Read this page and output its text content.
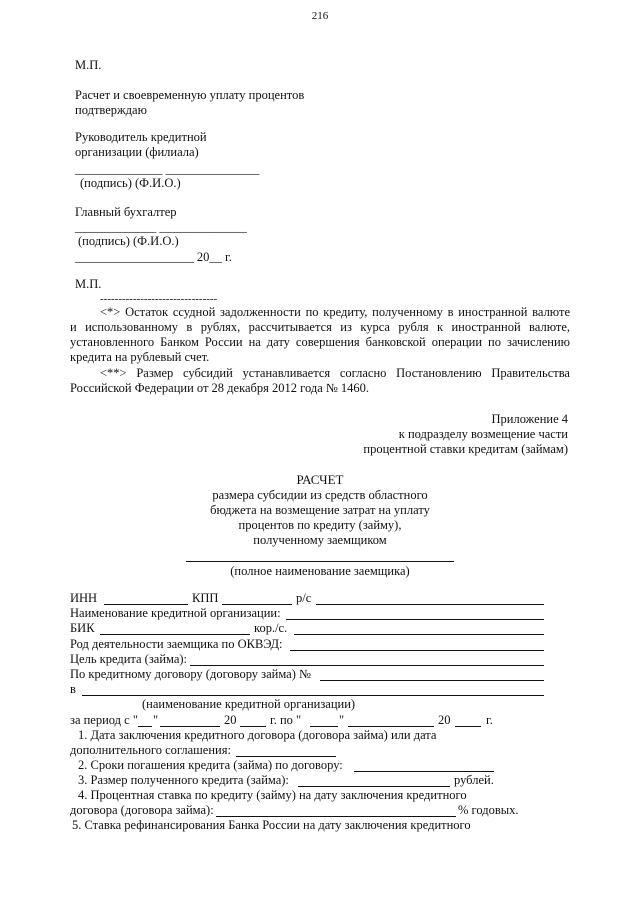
216
М.П.
Расчет и своевременную уплату процентов
подтверждаю
Руководитель кредитной
организации (филиала)
______________ _______________
(подпись) (Ф.И.О.)
Главный бухгалтер
_____________ ______________
(подпись) (Ф.И.О.)
___________________ 20__ г.
М.П.
--------------------------------
<*> Остаток ссудной задолженности по кредиту, полученному в иностранной валюте
и использованному в рублях, рассчитывается из курса рубля к иностранной валюте,
установленного Банком России на дату совершения банковской операции по зачислению
кредита на рублевый счет.
<**> Размер субсидий устанавливается согласно Постановлению Правительства
Российской Федерации от 28 декабря 2012 года № 1460.
Приложение 4
к подразделу возмещение части
процентной ставки кредитам (займам)
РАСЧЕТ
размера субсидии из средств областного
бюджета на возмещение затрат на уплату
процентов по кредиту (займу),
полученному заемщиком
(полное наименование заемщика)
ИНН	КПП	р/с
Наименование кредитной организации:
БИК	кор./с.
Род деятельности заемщика по ОКВЭД:
Цель кредита (займа):
По кредитному договору (договору займа) №
в
(наименование кредитной организации)
за период с " "	20	г. по "	"	20	г.
1. Дата заключения кредитного договора (договора займа) или дата
дополнительного соглашения:
2. Сроки погашения кредита (займа) по договору:
3. Размер полученного кредита (займа):	рублей.
4. Процентная ставка по кредиту (займу) на дату заключения кредитного
договора (договора займа):	% годовых.
5. Ставка рефинансирования Банка России на дату заключения кредитного
